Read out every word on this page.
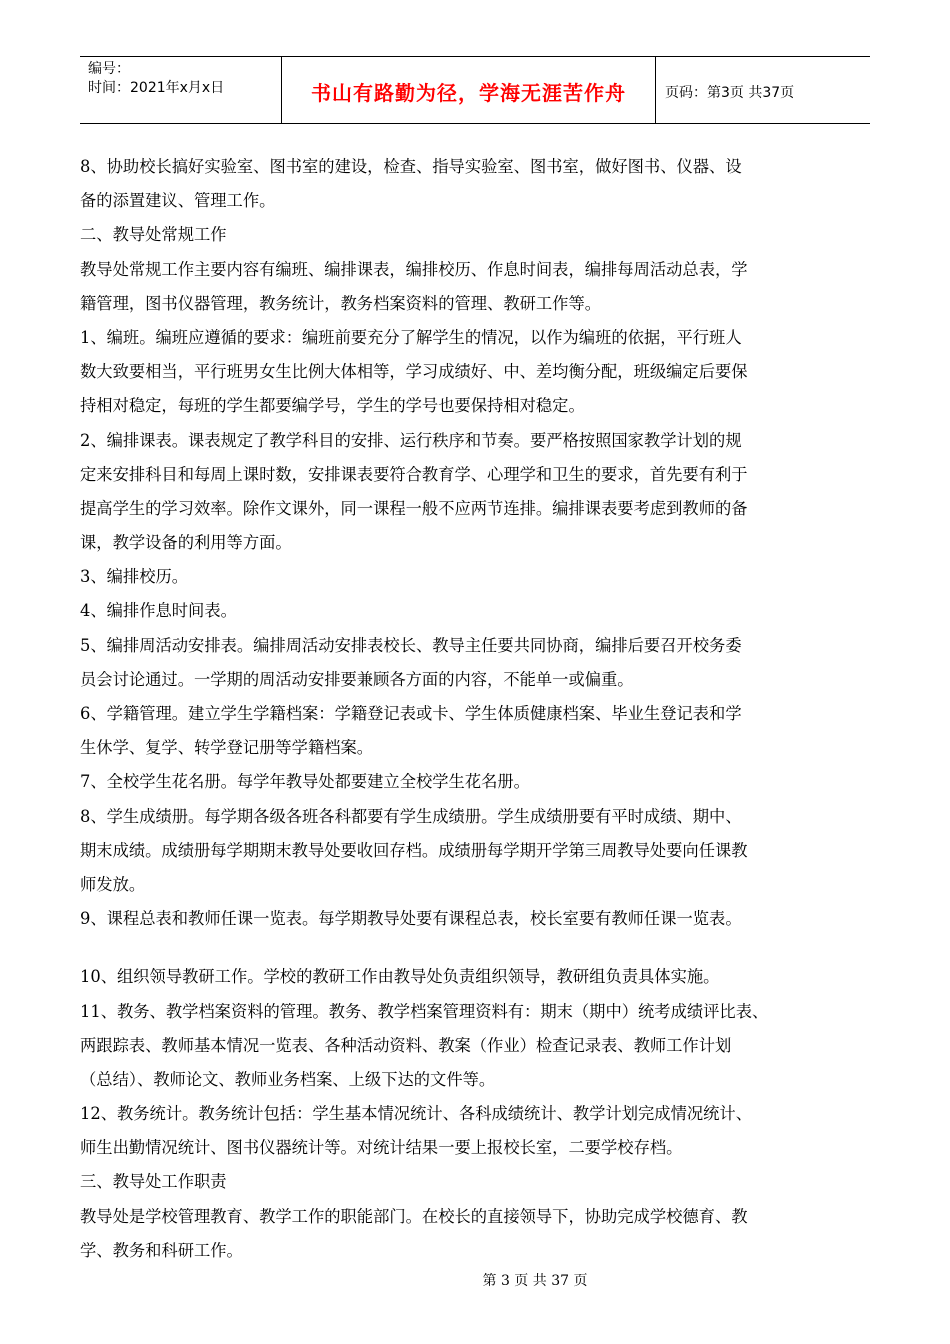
编号：
时间：2021年x月x日	书山有路勤为径，学海无涯苦作舟	页码：第3页 共37页
8、协助校长搞好实验室、图书室的建设，检查、指导实验室、图书室，做好图书、仪器、设
备的添置建议、管理工作。
二、教导处常规工作
教导处常规工作主要内容有编班、编排课表，编排校历、作息时间表，编排每周活动总表，学
籍管理，图书仪器管理，教务统计，教务档案资料的管理、教研工作等。
1、编班。编班应遵循的要求：编班前要充分了解学生的情况，以作为编班的依据，平行班人
数大致要相当，平行班男女生比例大体相等，学习成绩好、中、差均衡分配，班级编定后要保
持相对稳定，每班的学生都要编学号，学生的学号也要保持相对稳定。
2、编排课表。课表规定了教学科目的安排、运行秩序和节奏。要严格按照国家教学计划的规
定来安排科目和每周上课时数，安排课表要符合教育学、心理学和卫生的要求，首先要有利于
提高学生的学习效率。除作文课外，同一课程一般不应两节连排。编排课表要考虑到教师的备
课，教学设备的利用等方面。
3、编排校历。
4、编排作息时间表。
5、编排周活动安排表。编排周活动安排表校长、教导主任要共同协商，编排后要召开校务委
员会讨论通过。一学期的周活动安排要兼顾各方面的内容，不能单一或偏重。
6、学籍管理。建立学生学籍档案：学籍登记表或卡、学生体质健康档案、毕业生登记表和学
生休学、复学、转学登记册等学籍档案。
7、全校学生花名册。每学年教导处都要建立全校学生花名册。
8、学生成绩册。每学期各级各班各科都要有学生成绩册。学生成绩册要有平时成绩、期中、
期末成绩。成绩册每学期期末教导处要收回存档。成绩册每学期开学第三周教导处要向任课教
师发放。
9、课程总表和教师任课一览表。每学期教导处要有课程总表，校长室要有教师任课一览表。
10、组织领导教研工作。学校的教研工作由教导处负责组织领导，教研组负责具体实施。
11、教务、教学档案资料的管理。教务、教学档案管理资料有：期末（期中）统考成绩评比表、
两跟踪表、教师基本情况一览表、各种活动资料、教案（作业）检查记录表、教师工作计划
（总结）、教师论文、教师业务档案、上级下达的文件等。
12、教务统计。教务统计包括：学生基本情况统计、各科成绩统计、教学计划完成情况统计、
师生出勤情况统计、图书仪器统计等。对统计结果一要上报校长室，二要学校存档。
三、教导处工作职责
教导处是学校管理教育、教学工作的职能部门。在校长的直接领导下，协助完成学校德育、教
学、教务和科研工作。
第 3 页 共 37 页
